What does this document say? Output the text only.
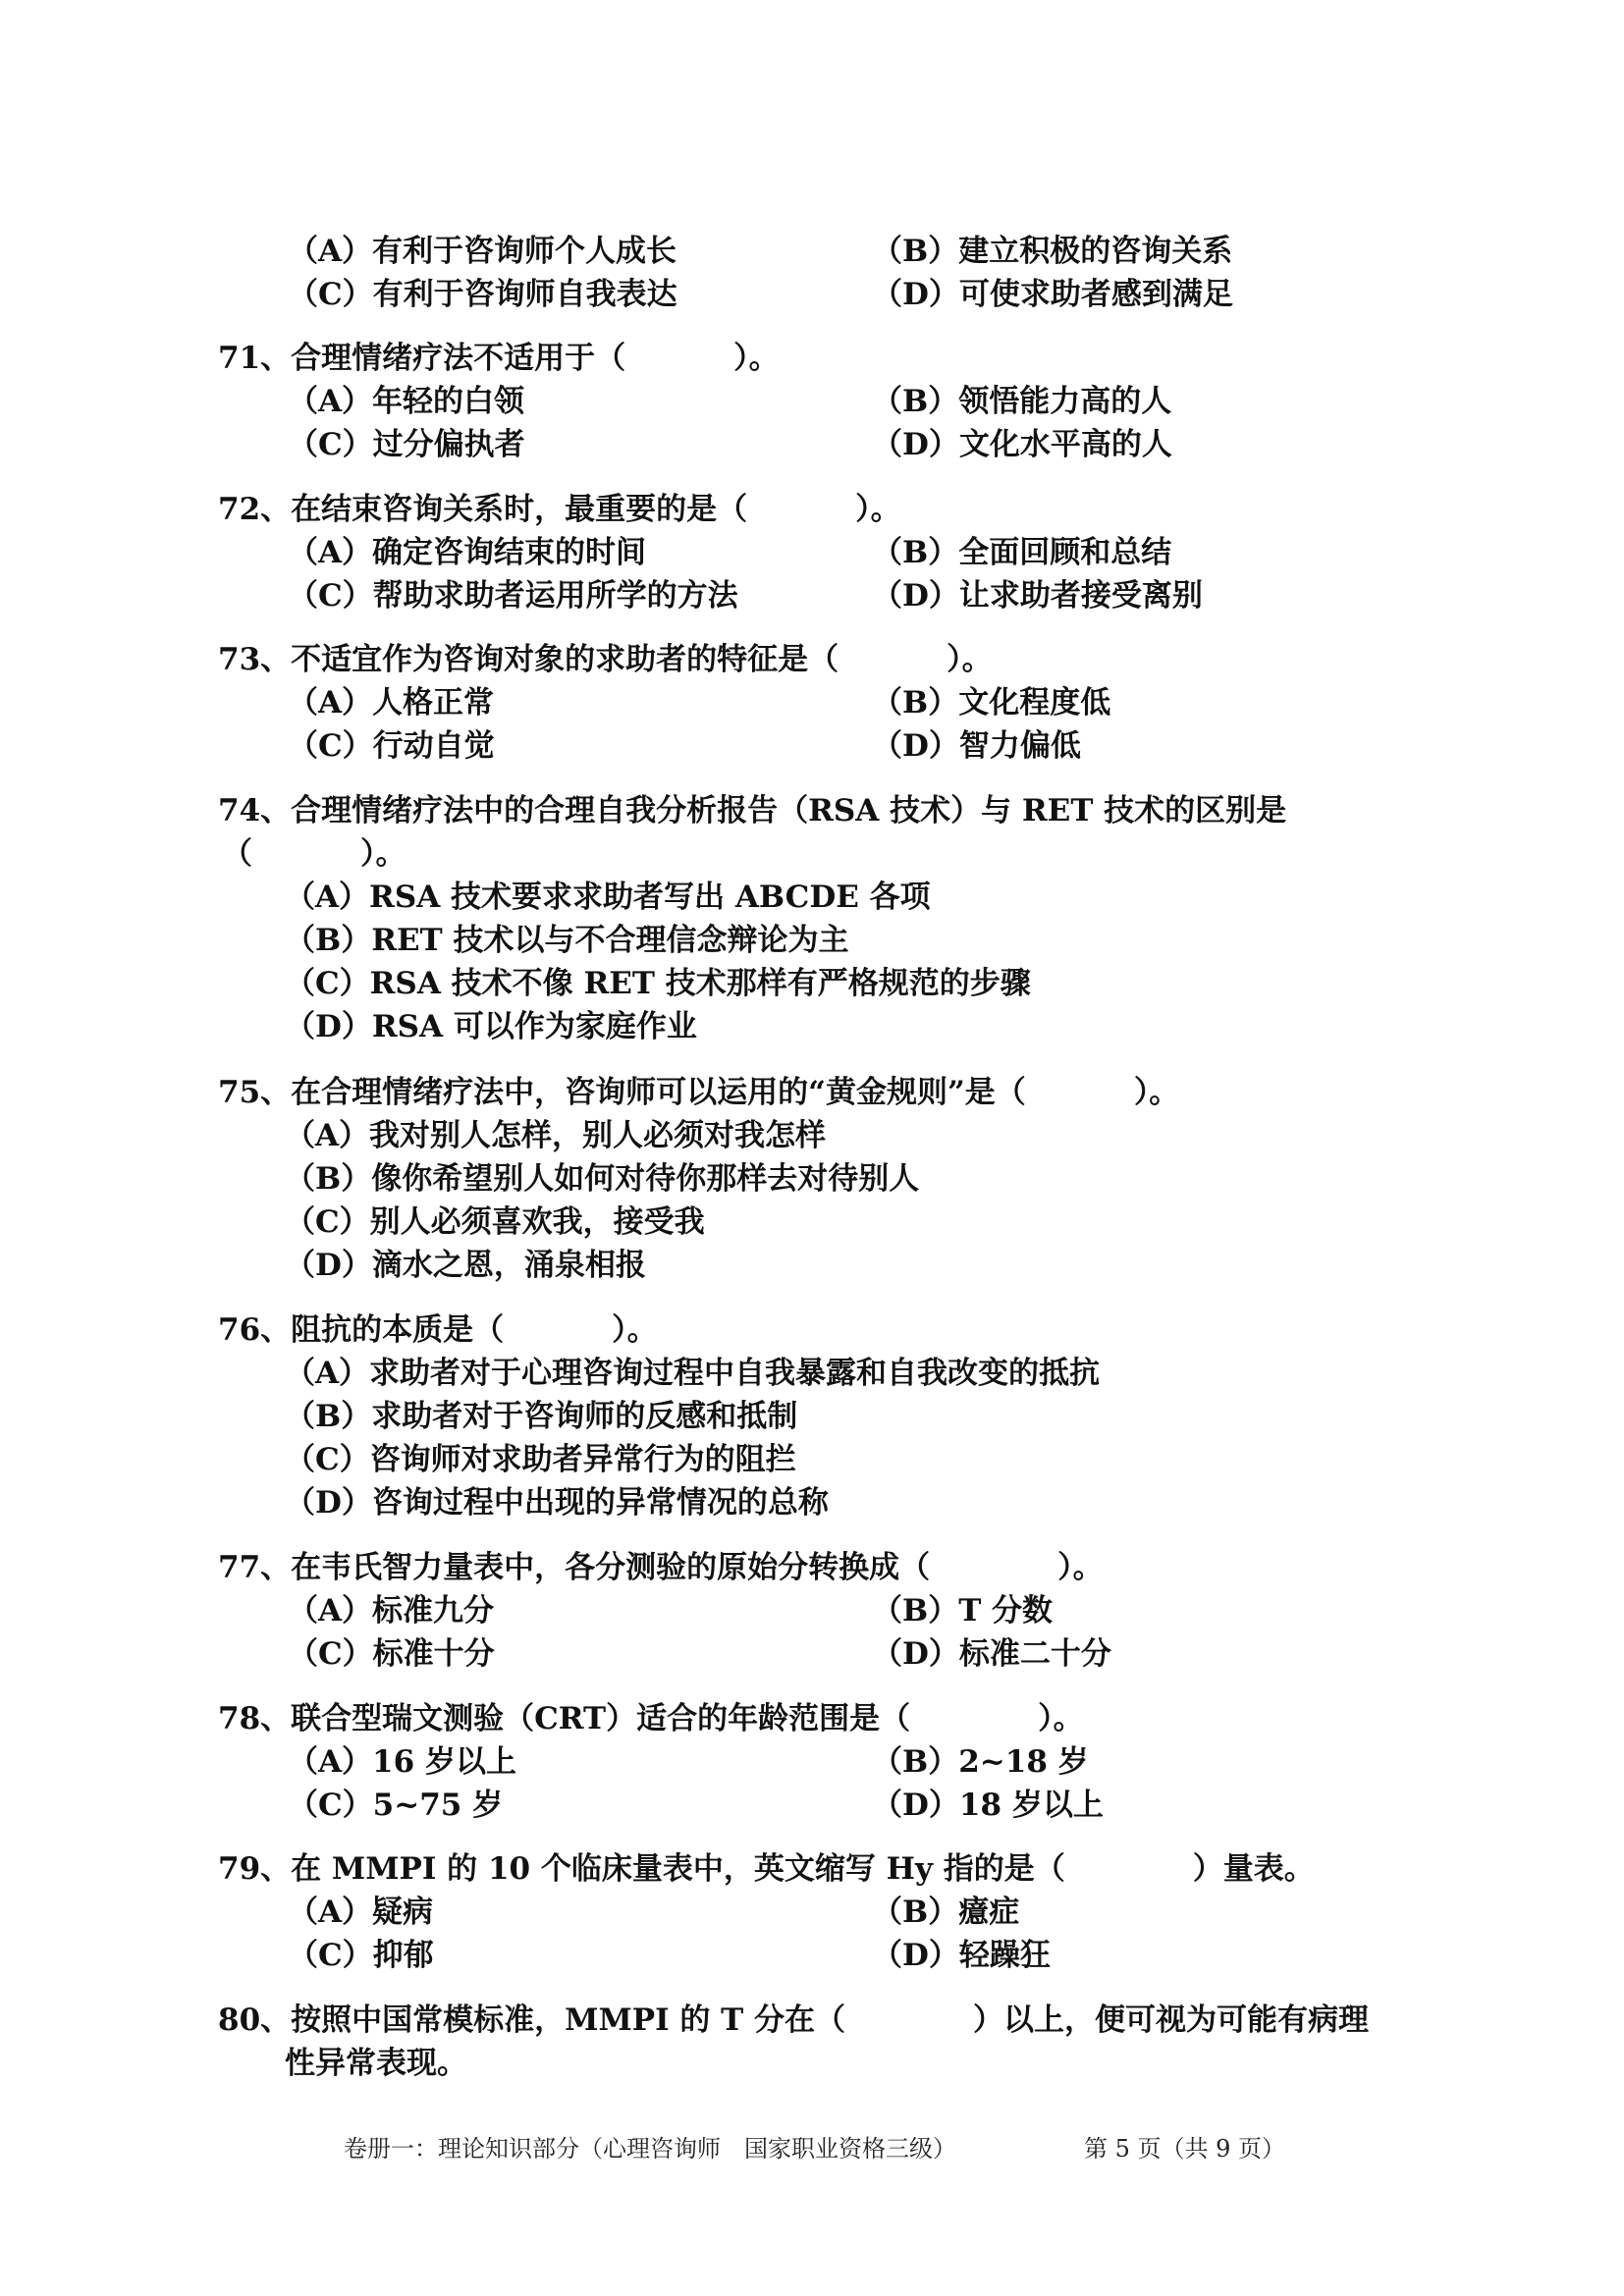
（A）有利于咨询师个人成长	（B）建立积极的咨询关系
（C）有利于咨询师自我表达	（D）可使求助者感到满足
71、合理情绪疗法不适用于（	）。
（A）年轻的白领	（B）领悟能力高的人
（C）过分偏执者	（D）文化水平高的人
72、在结束咨询关系时，最重要的是（	）。
（A）确定咨询结束的时间	（B）全面回顾和总结
（C）帮助求助者运用所学的方法	（D）让求助者接受离别
73、不适宜作为咨询对象的求助者的特征是（	）。
（A）人格正常	（B）文化程度低
（C）行动自觉	（D）智力偏低
74、合理情绪疗法中的合理自我分析报告（RSA 技术）与 RET 技术的区别是
（	）。
（A）RSA 技术要求求助者写出 ABCDE 各项
（B）RET 技术以与不合理信念辩论为主
（C）RSA 技术不像 RET 技术那样有严格规范的步骤
（D）RSA 可以作为家庭作业
75、在合理情绪疗法中，咨询师可以运用的“黄金规则”是（	）。
（A）我对别人怎样，别人必须对我怎样
（B）像你希望别人如何对待你那样去对待别人
（C）别人必须喜欢我，接受我
（D）滴水之恩，涌泉相报
76、阻抗的本质是（	）。
（A）求助者对于心理咨询过程中自我暴露和自我改变的抵抗
（B）求助者对于咨询师的反感和抵制
（C）咨询师对求助者异常行为的阻拦
（D）咨询过程中出现的异常情况的总称
77、在韦氏智力量表中，各分测验的原始分转换成（	）。
（A）标准九分	（B）T 分数
（C）标准十分	（D）标准二十分
78、联合型瑞文测验（CRT）适合的年龄范围是（	）。
（A）16 岁以上	（B）2~18 岁
（C）5~75 岁	（D）18 岁以上
79、在 MMPI 的 10 个临床量表中，英文缩写 Hy 指的是（	）量表。
（A）疑病	（B）癔症
（C）抑郁	（D）轻躁狂
80、按照中国常模标准，MMPI 的 T 分在（	）以上，便可视为可能有病理
性异常表现。
卷册一：理论知识部分（心理咨询师　国家职业资格三级）	第 5 页（共 9 页）
